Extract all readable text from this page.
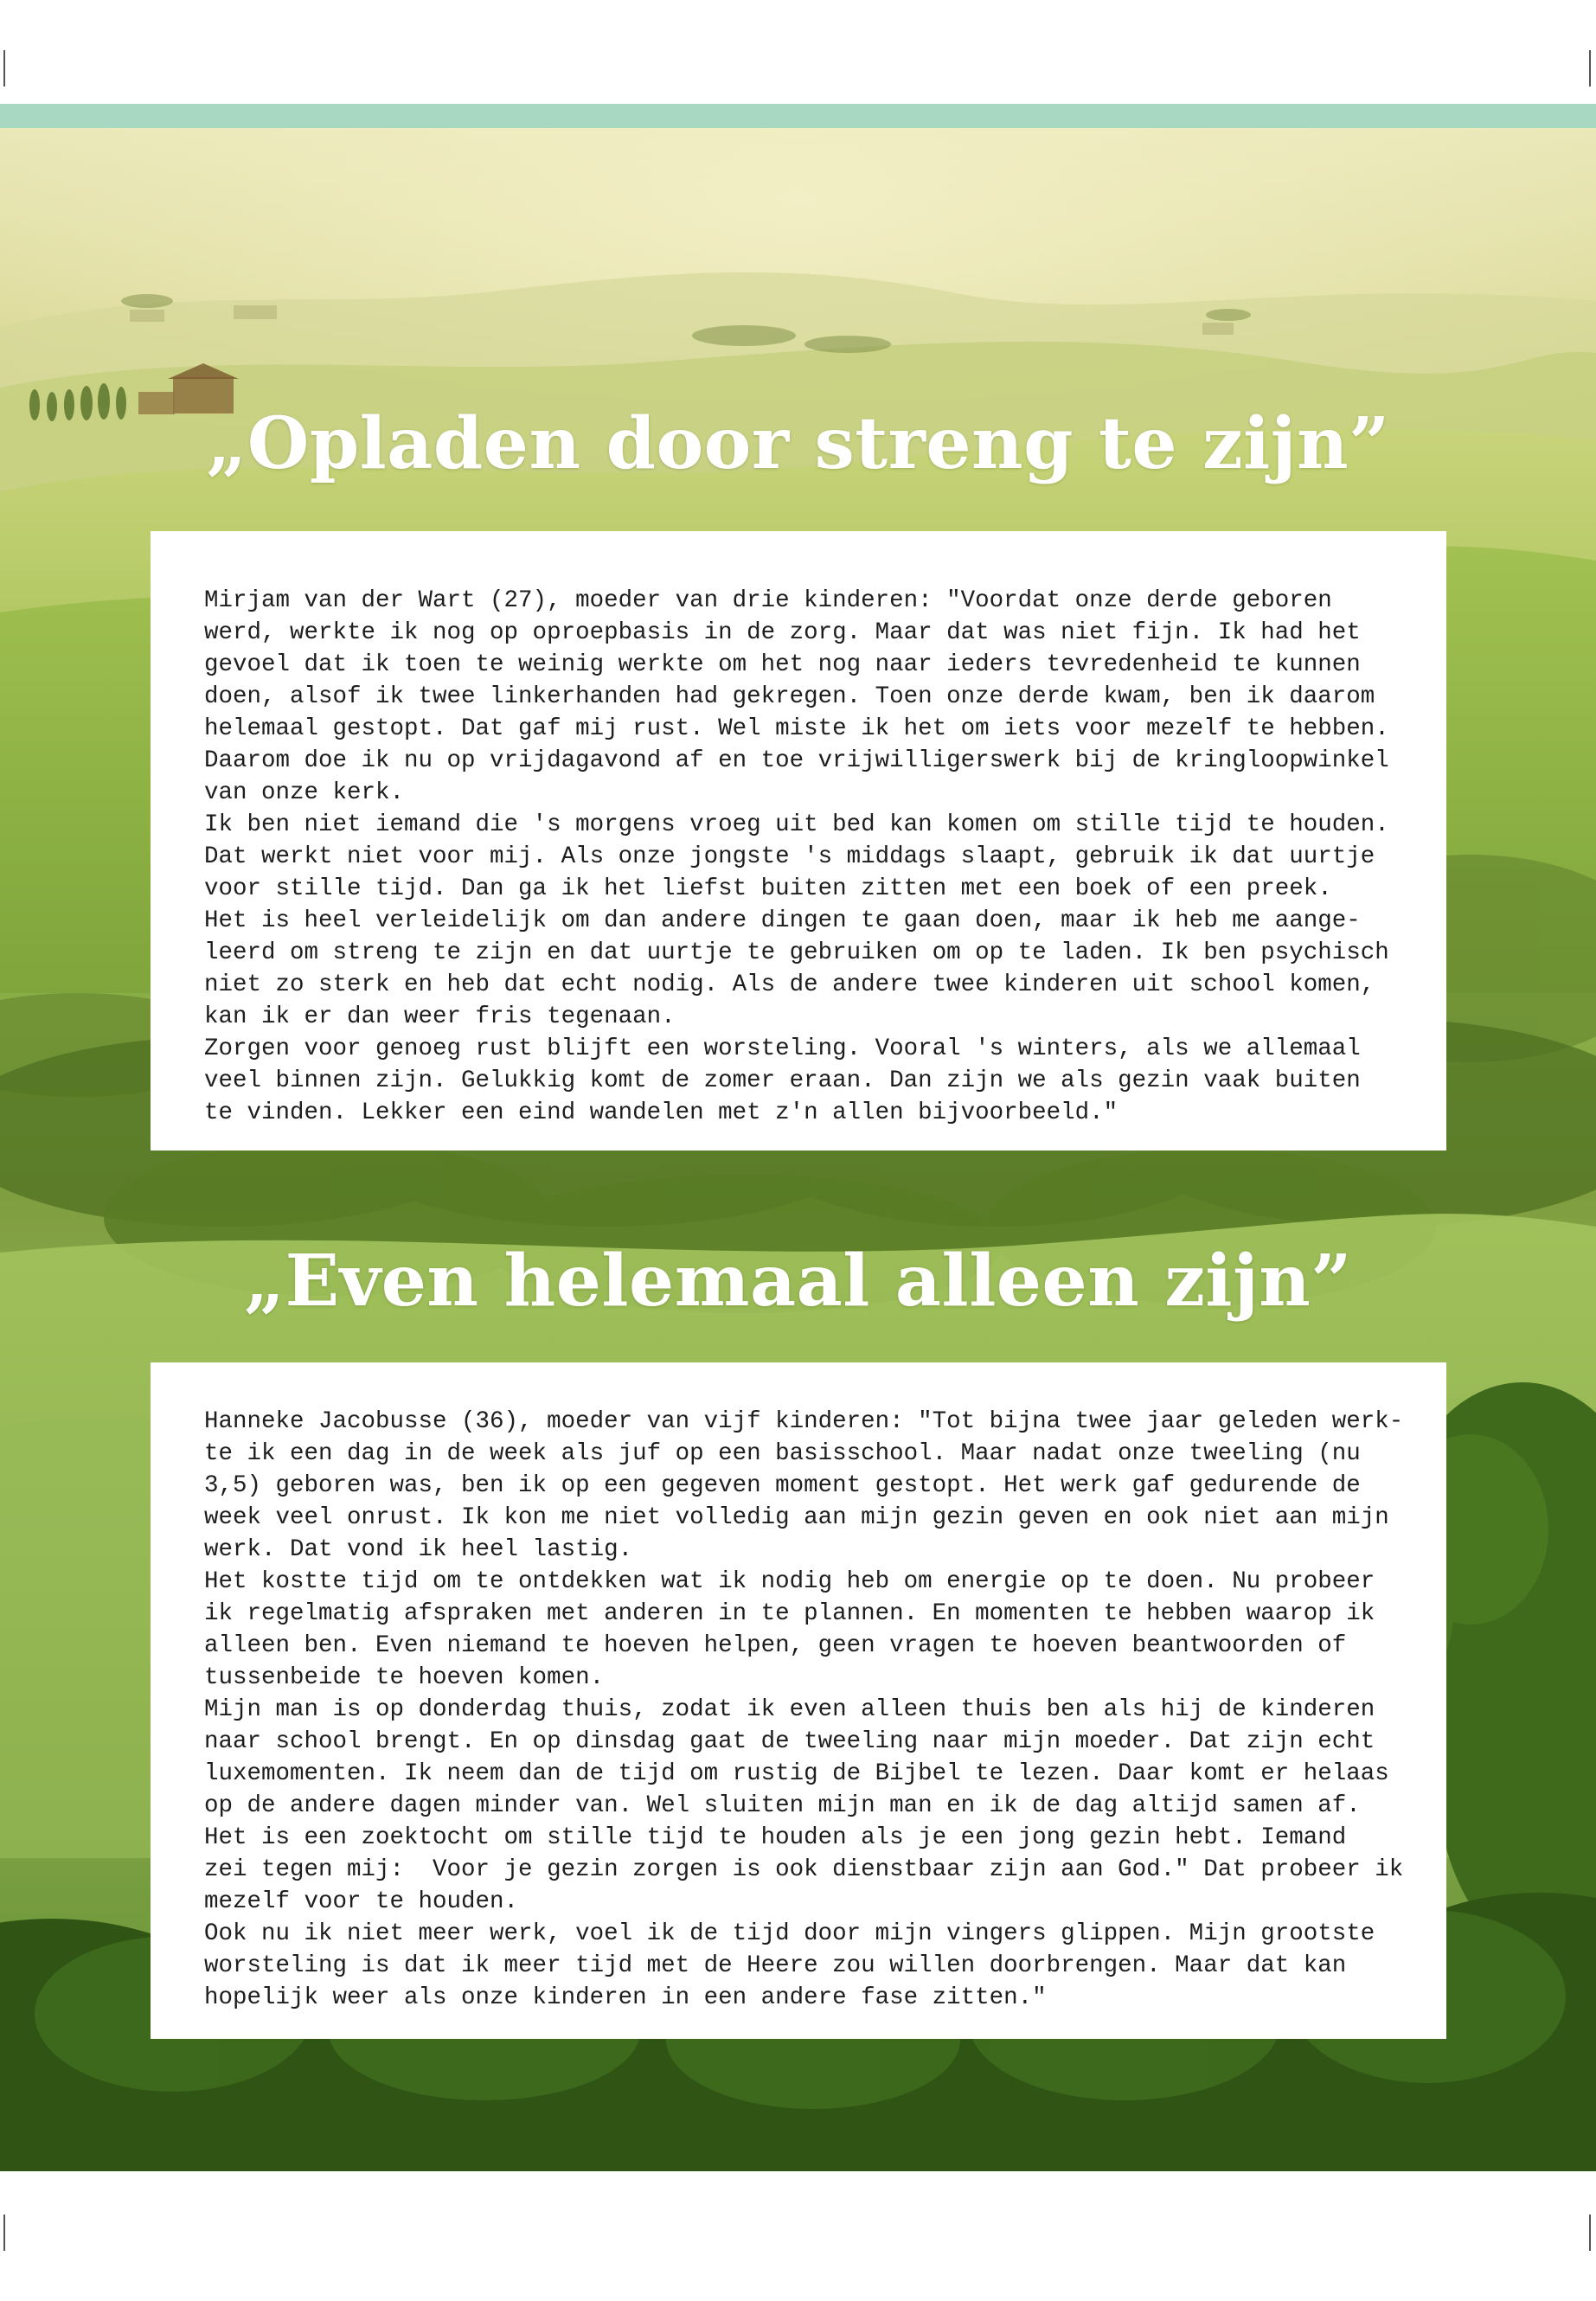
„Opladen door streng te zijn”

Mirjam van der Wart (27), moeder van drie kinderen: "Voordat onze derde geboren
werd, werkte ik nog op oproepbasis in de zorg. Maar dat was niet fijn. Ik had het
gevoel dat ik toen te weinig werkte om het nog naar ieders tevredenheid te kunnen
doen, alsof ik twee linkerhanden had gekregen. Toen onze derde kwam, ben ik daarom
helemaal gestopt. Dat gaf mij rust. Wel miste ik het om iets voor mezelf te hebben.
Daarom doe ik nu op vrijdagavond af en toe vrijwilligerswerk bij de kringloopwinkel
van onze kerk.

Ik ben niet iemand die 's morgens vroeg uit bed kan komen om stille tijd te houden.
Dat werkt niet voor mij. Als onze jongste 's middags slaapt, gebruik ik dat uurtje
voor stille tijd. Dan ga ik het liefst buiten zitten met een boek of een preek.
Het is heel verleidelijk om dan andere dingen te gaan doen, maar ik heb me aange-
leerd om streng te zijn en dat uurtje te gebruiken om op te laden. Ik ben psychisch
niet zo sterk en heb dat echt nodig. Als de andere twee kinderen uit school komen,
kan ik er dan weer fris tegenaan.

Zorgen voor genoeg rust blijft een worsteling. Vooral 's winters, als we allemaal
veel binnen zijn. Gelukkig komt de zomer eraan. Dan zijn we als gezin vaak buiten
te vinden. Lekker een eind wandelen met z'n allen bijvoorbeeld."

„Even helemaal alleen zijn”

Hanneke Jacobusse (36), moeder van vijf kinderen: "Tot bijna twee jaar geleden werk-
te ik een dag in de week als juf op een basisschool. Maar nadat onze tweeling (nu
3,5) geboren was, ben ik op een gegeven moment gestopt. Het werk gaf gedurende de
week veel onrust. Ik kon me niet volledig aan mijn gezin geven en ook niet aan mijn
werk. Dat vond ik heel lastig.

Het kostte tijd om te ontdekken wat ik nodig heb om energie op te doen. Nu probeer
ik regelmatig afspraken met anderen in te plannen. En momenten te hebben waarop ik
alleen ben. Even niemand te hoeven helpen, geen vragen te hoeven beantwoorden of
tussenbeide te hoeven komen.

Mijn man is op donderdag thuis, zodat ik even alleen thuis ben als hij de kinderen
naar school brengt. En op dinsdag gaat de tweeling naar mijn moeder. Dat zijn echt
luxemomenten. Ik neem dan de tijd om rustig de Bijbel te lezen. Daar komt er helaas
op de andere dagen minder van. Wel sluiten mijn man en ik de dag altijd samen af.
Het is een zoektocht om stille tijd te houden als je een jong gezin hebt. Iemand
zei tegen mij:  Voor je gezin zorgen is ook dienstbaar zijn aan God." Dat probeer ik
mezelf voor te houden.

Ook nu ik niet meer werk, voel ik de tijd door mijn vingers glippen. Mijn grootste
worsteling is dat ik meer tijd met de Heere zou willen doorbrengen. Maar dat kan
hopelijk weer als onze kinderen in een andere fase zitten."
